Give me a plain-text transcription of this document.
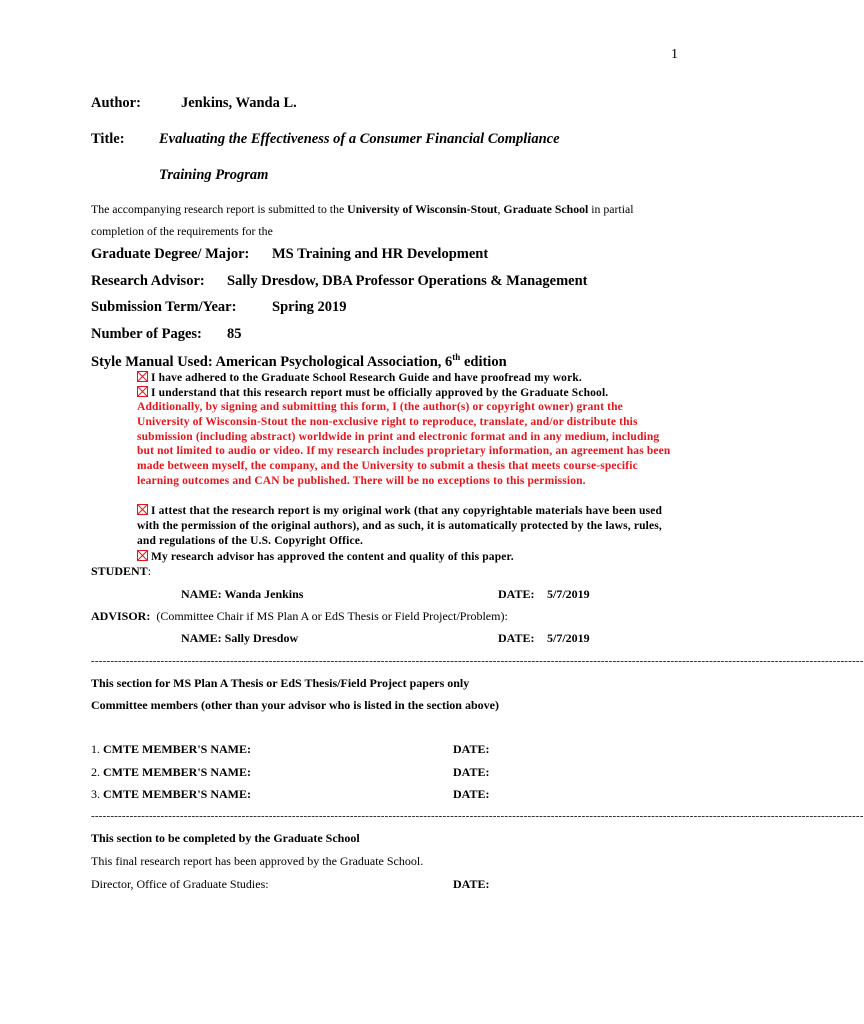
1
Author:	Jenkins, Wanda L.
Title: Evaluating the Effectiveness of a Consumer Financial Compliance
Training Program
The accompanying research report is submitted to the University of Wisconsin-Stout, Graduate School in partial
completion of the requirements for the
Graduate Degree/ Major: MS Training and HR Development
Research Advisor: Sally Dresdow, DBA Professor Operations & Management
Submission Term/Year: Spring 2019
Number of Pages: 85
Style Manual Used: American Psychological Association, 6th edition
I have adhered to the Graduate School Research Guide and have proofread my work.
I understand that this research report must be officially approved by the Graduate School.
Additionally, by signing and submitting this form, I (the author(s) or copyright owner) grant the University of Wisconsin-Stout the non-exclusive right to reproduce, translate, and/or distribute this submission (including abstract) worldwide in print and electronic format and in any medium, including but not limited to audio or video. If my research includes proprietary information, an agreement has been made between myself, the company, and the University to submit a thesis that meets course-specific learning outcomes and CAN be published. There will be no exceptions to this permission.
I attest that the research report is my original work (that any copyrightable materials have been used with the permission of the original authors), and as such, it is automatically protected by the laws, rules, and regulations of the U.S. Copyright Office.
My research advisor has approved the content and quality of this paper.
STUDENT:
NAME: Wanda Jenkins	DATE: 5/7/2019
ADVISOR: (Committee Chair if MS Plan A or EdS Thesis or Field Project/Problem):
NAME: Sally Dresdow	DATE: 5/7/2019
--------------------------------------------------------------------------------------------------------------------------------------------------------------------------------------------------------
This section for MS Plan A Thesis or EdS Thesis/Field Project papers only
Committee members (other than your advisor who is listed in the section above)
1. CMTE MEMBER'S NAME:	DATE:
2. CMTE MEMBER'S NAME:	DATE:
3. CMTE MEMBER'S NAME:	DATE:
--------------------------------------------------------------------------------------------------------------------------------------------------------------------------------------------------------
This section to be completed by the Graduate School
This final research report has been approved by the Graduate School.
Director, Office of Graduate Studies:	DATE:
